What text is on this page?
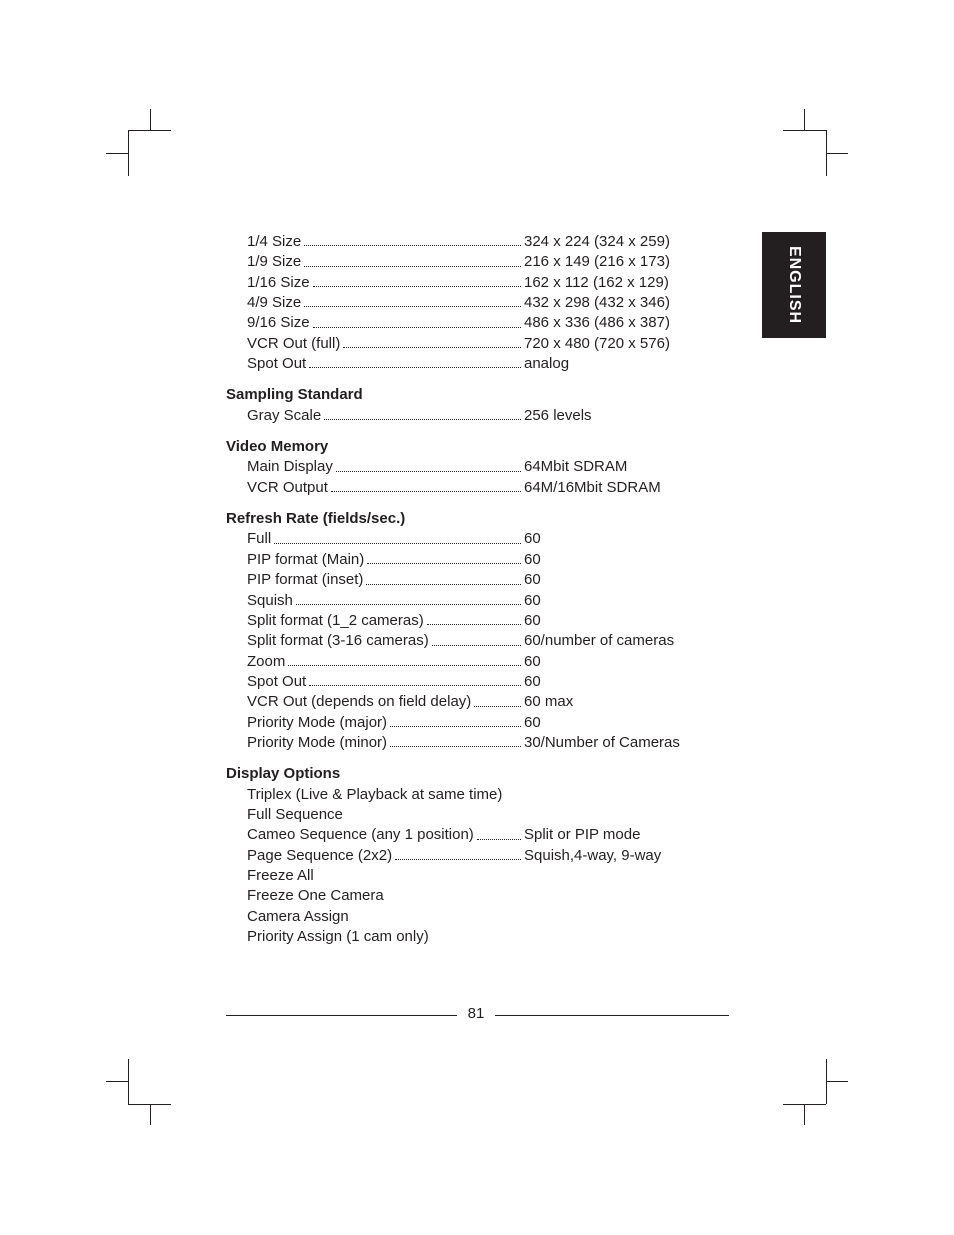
ENGLISH
1/4 Size	324 x 224 (324 x 259)
1/9 Size	216 x 149 (216 x 173)
1/16 Size	162 x 112 (162 x 129)
4/9 Size	432 x 298 (432 x 346)
9/16 Size	486 x 336 (486 x 387)
VCR Out (full)	720 x 480 (720 x 576)
Spot Out	analog
Sampling Standard
Gray Scale	256 levels
Video Memory
Main Display	64Mbit SDRAM
VCR Output	64M/16Mbit SDRAM
Refresh Rate (fields/sec.)
Full	60
PIP format (Main)	60
PIP format (inset)	60
Squish	60
Split format (1_2 cameras)	60
Split format (3-16 cameras)	60/number of cameras
Zoom	60
Spot Out	60
VCR Out (depends on field delay)	60 max
Priority Mode (major)	60
Priority Mode (minor)	30/Number of Cameras
Display Options
Triplex (Live & Playback at same time)
Full Sequence
Cameo Sequence (any 1 position)	Split or PIP mode
Page Sequence (2x2)	Squish,4-way, 9-way
Freeze All
Freeze One Camera
Camera Assign
Priority Assign (1 cam only)
81
